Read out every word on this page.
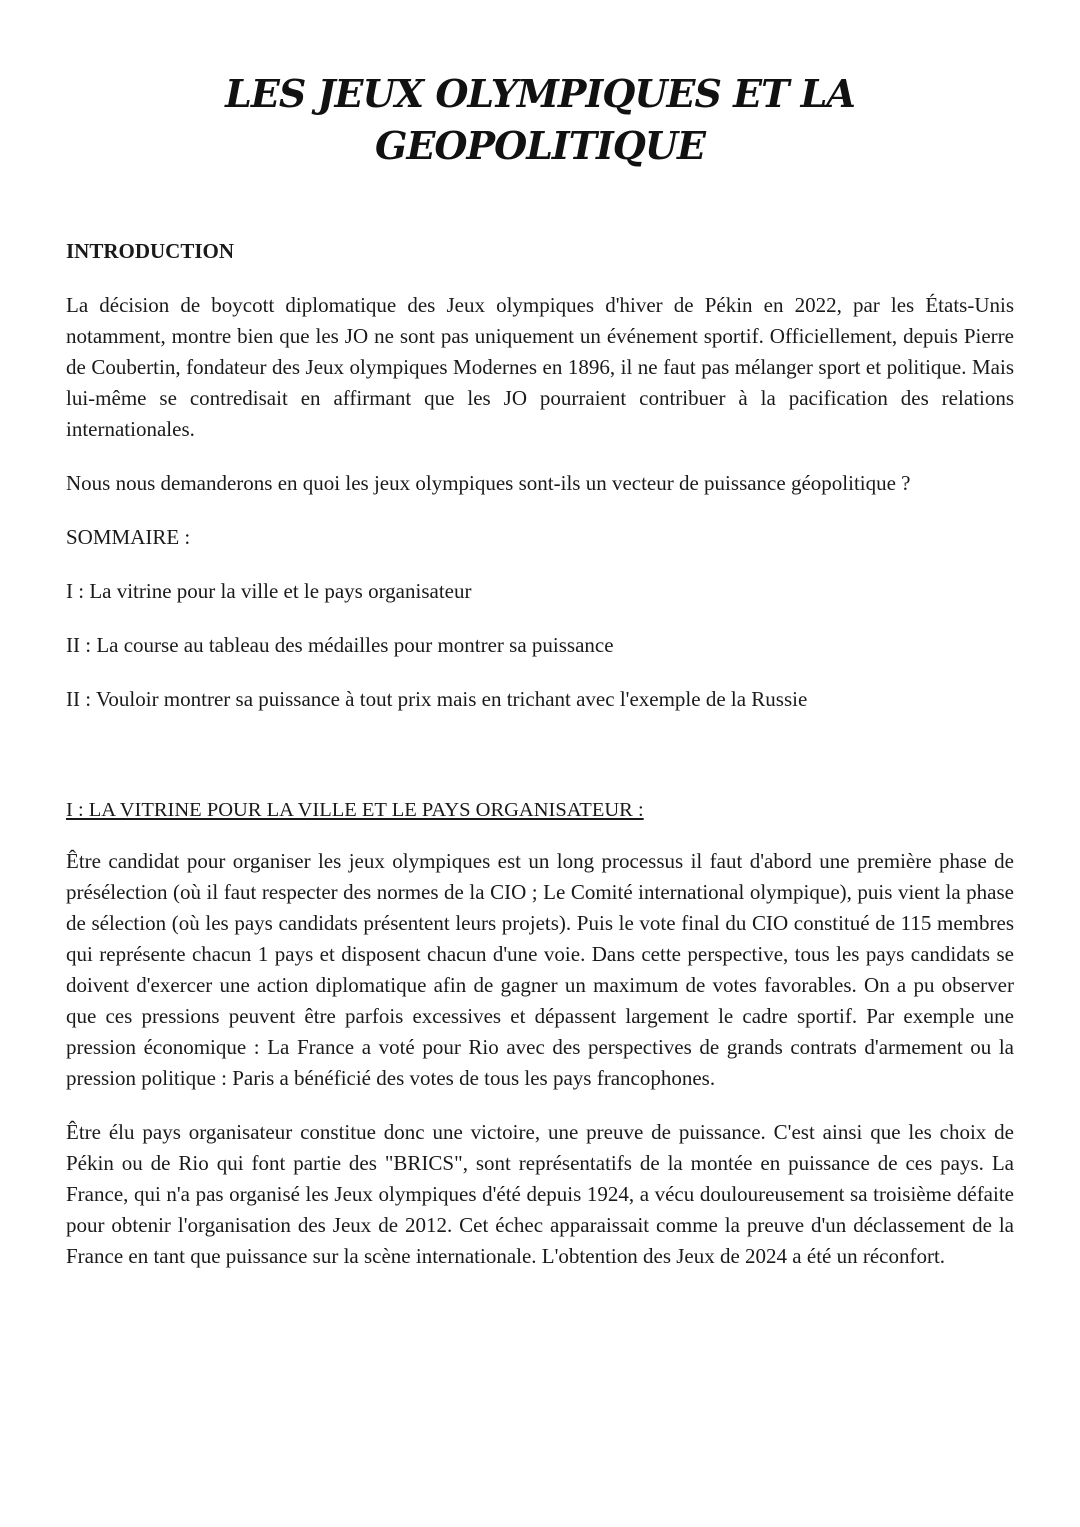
LES JEUX OLYMPIQUES ET LA
GEOPOLITIQUE

INTRODUCTION

La décision de boycott diplomatique des Jeux olympiques d'hiver de Pékin en 2022, par les États-Unis notamment, montre bien que les JO ne sont pas uniquement un événement sportif. Officiellement, depuis Pierre de Coubertin, fondateur des Jeux olympiques Modernes en 1896, il ne faut pas mélanger sport et politique. Mais lui-même se contredisait en affirmant que les JO pourraient contribuer à la pacification des relations internationales.

Nous nous demanderons en quoi les jeux olympiques sont-ils un vecteur de puissance géopolitique ?

SOMMAIRE :

I : La vitrine pour la ville et le pays organisateur

II : La course au tableau des médailles pour montrer sa puissance

II : Vouloir montrer sa puissance à tout prix mais en trichant avec l'exemple de la Russie

I : LA VITRINE POUR LA VILLE ET LE PAYS ORGANISATEUR :

Être candidat pour organiser les jeux olympiques est un long processus il faut d'abord une première phase de présélection (où il faut respecter des normes de la CIO ; Le Comité international olympique), puis vient la phase de sélection (où les pays candidats présentent leurs projets). Puis le vote final du CIO constitué de 115 membres qui représente chacun 1 pays et disposent chacun d'une voie. Dans cette perspective, tous les pays candidats se doivent d'exercer une action diplomatique afin de gagner un maximum de votes favorables. On a pu observer que ces pressions peuvent être parfois excessives et dépassent largement le cadre sportif. Par exemple une pression économique : La France a voté pour Rio avec des perspectives de grands contrats d'armement ou la pression politique : Paris a bénéficié des votes de tous les pays francophones.

Être élu pays organisateur constitue donc une victoire, une preuve de puissance. C'est ainsi que les choix de Pékin ou de Rio qui font partie des "BRICS", sont représentatifs de la montée en puissance de ces pays. La France, qui n'a pas organisé les Jeux olympiques d'été depuis 1924, a vécu douloureusement sa troisième défaite pour obtenir l'organisation des Jeux de 2012. Cet échec apparaissait comme la preuve d'un déclassement de la France en tant que puissance sur la scène internationale. L'obtention des Jeux de 2024 a été un réconfort.
